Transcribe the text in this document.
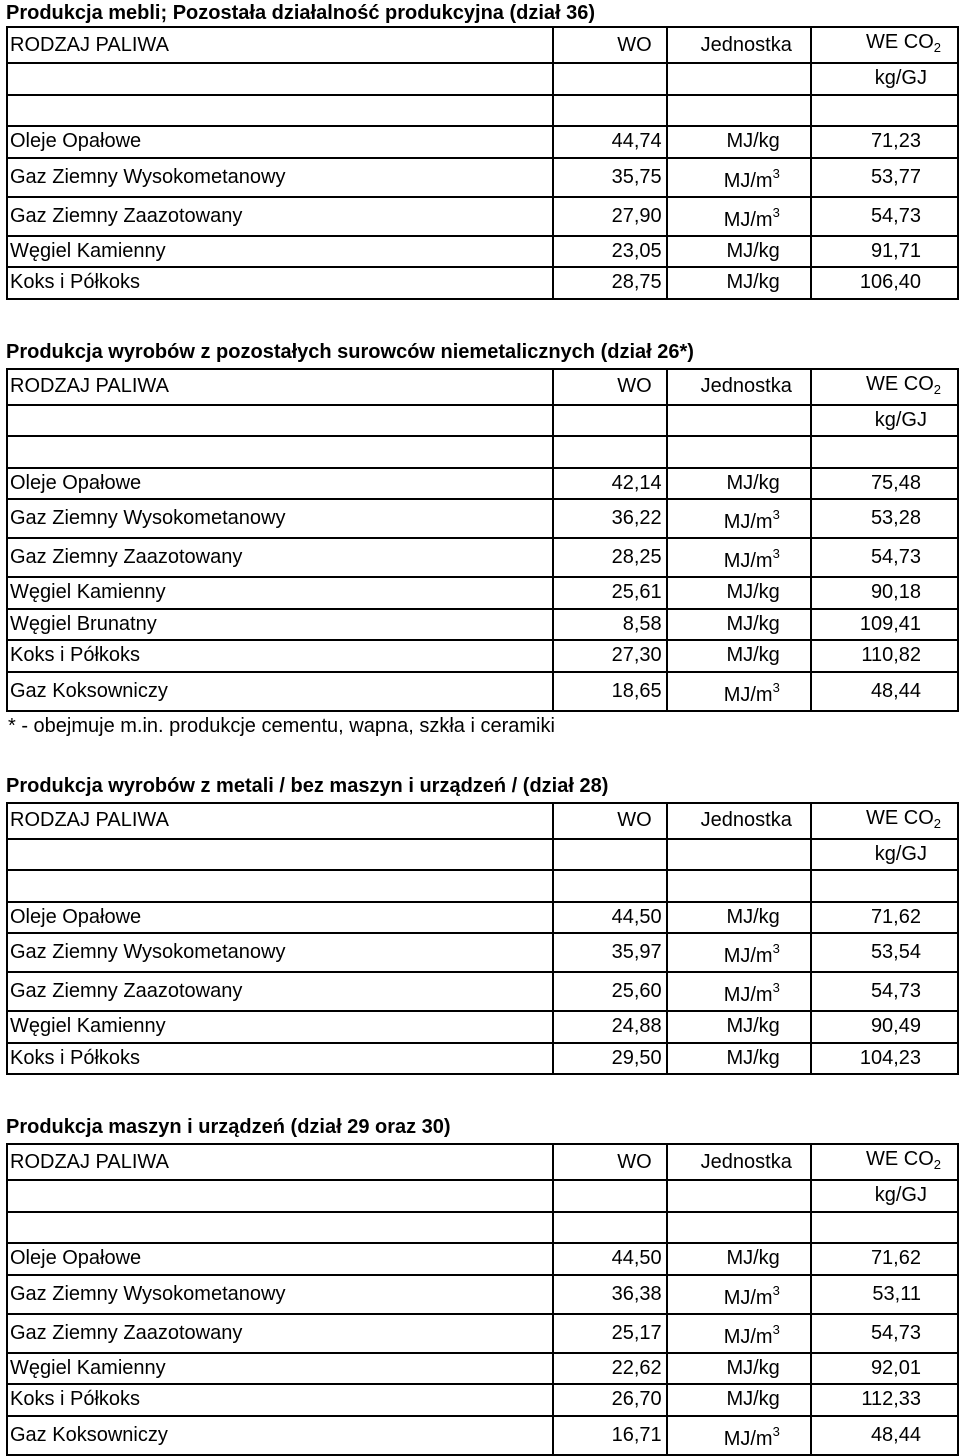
Produkcja mebli; Pozostała działalność produkcyjna (dział 36)
RODZAJ PALIWA	WO	Jednostka	WE $CO_2$
			kg/GJ

Oleje Opałowe	44,74	MJ/kg	71,23
Gaz Ziemny Wysokometanowy	35,75	$MJ/m^3$	53,77
Gaz Ziemny Zaazotowany	27,90	$MJ/m^3$	54,73
Węgiel Kamienny	23,05	MJ/kg	91,71
Koks i Półkoks	28,75	MJ/kg	106,40
Produkcja wyrobów z pozostałych surowców niemetalicznych (dział 26*)
RODZAJ PALIWA	WO	Jednostka	WE $CO_2$
			kg/GJ

Oleje Opałowe	42,14	MJ/kg	75,48
Gaz Ziemny Wysokometanowy	36,22	$MJ/m^3$	53,28
Gaz Ziemny Zaazotowany	28,25	$MJ/m^3$	54,73
Węgiel Kamienny	25,61	MJ/kg	90,18
Węgiel Brunatny	8,58	MJ/kg	109,41
Koks i Półkoks	27,30	MJ/kg	110,82
Gaz Koksowniczy	18,65	$MJ/m^3$	48,44
* - obejmuje m.in. produkcje cementu, wapna, szkła i ceramiki
Produkcja wyrobów z metali / bez maszyn i urządzeń / (dział 28)
RODZAJ PALIWA	WO	Jednostka	WE $CO_2$
			kg/GJ

Oleje Opałowe	44,50	MJ/kg	71,62
Gaz Ziemny Wysokometanowy	35,97	$MJ/m^3$	53,54
Gaz Ziemny Zaazotowany	25,60	$MJ/m^3$	54,73
Węgiel Kamienny	24,88	MJ/kg	90,49
Koks i Półkoks	29,50	MJ/kg	104,23
Produkcja maszyn i urządzeń (dział 29 oraz 30)
RODZAJ PALIWA	WO	Jednostka	WE $CO_2$
			kg/GJ

Oleje Opałowe	44,50	MJ/kg	71,62
Gaz Ziemny Wysokometanowy	36,38	$MJ/m^3$	53,11
Gaz Ziemny Zaazotowany	25,17	$MJ/m^3$	54,73
Węgiel Kamienny	22,62	MJ/kg	92,01
Koks i Półkoks	26,70	MJ/kg	112,33
Gaz Koksowniczy	16,71	$MJ/m^3$	48,44
